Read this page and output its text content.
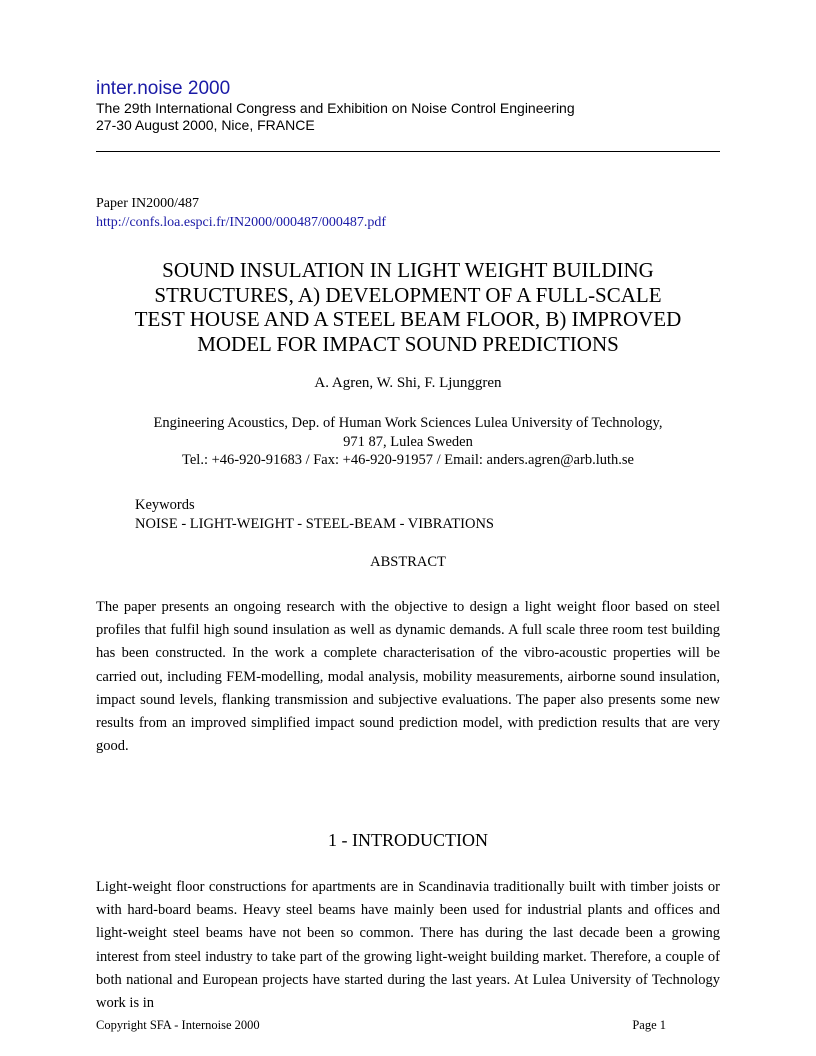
inter.noise 2000
The 29th International Congress and Exhibition on Noise Control Engineering
27-30 August 2000, Nice, FRANCE
Paper IN2000/487
http://confs.loa.espci.fr/IN2000/000487/000487.pdf
SOUND INSULATION IN LIGHT WEIGHT BUILDING
STRUCTURES, A) DEVELOPMENT OF A FULL-SCALE
TEST HOUSE AND A STEEL BEAM FLOOR, B) IMPROVED
MODEL FOR IMPACT SOUND PREDICTIONS
A. Agren, W. Shi, F. Ljunggren
Engineering Acoustics, Dep. of Human Work Sciences Lulea University of Technology,
971 87, Lulea Sweden
Tel.: +46-920-91683 / Fax: +46-920-91957 / Email: anders.agren@arb.luth.se
Keywords
NOISE - LIGHT-WEIGHT - STEEL-BEAM - VIBRATIONS
ABSTRACT

The paper presents an ongoing research with the objective to design a light weight floor based on steel profiles that fulfil high sound insulation as well as dynamic demands. A full scale three room test building has been constructed. In the work a complete characterisation of the vibro-acoustic properties will be carried out, including FEM-modelling, modal analysis, mobility measurements, airborne sound insulation, impact sound levels, flanking transmission and subjective evaluations. The paper also presents some new results from an improved simplified impact sound prediction model, with prediction results that are very good.

1 - INTRODUCTION

Light-weight floor constructions for apartments are in Scandinavia traditionally built with timber joists or with hard-board beams. Heavy steel beams have mainly been used for industrial plants and offices and light-weight steel beams have not been so common. There has during the last decade been a growing interest from steel industry to take part of the growing light-weight building market. Therefore, a couple of both national and European projects have started during the last years. At Lulea University of Technology work is in

Copyright SFA - Internoise 2000	Page 1
